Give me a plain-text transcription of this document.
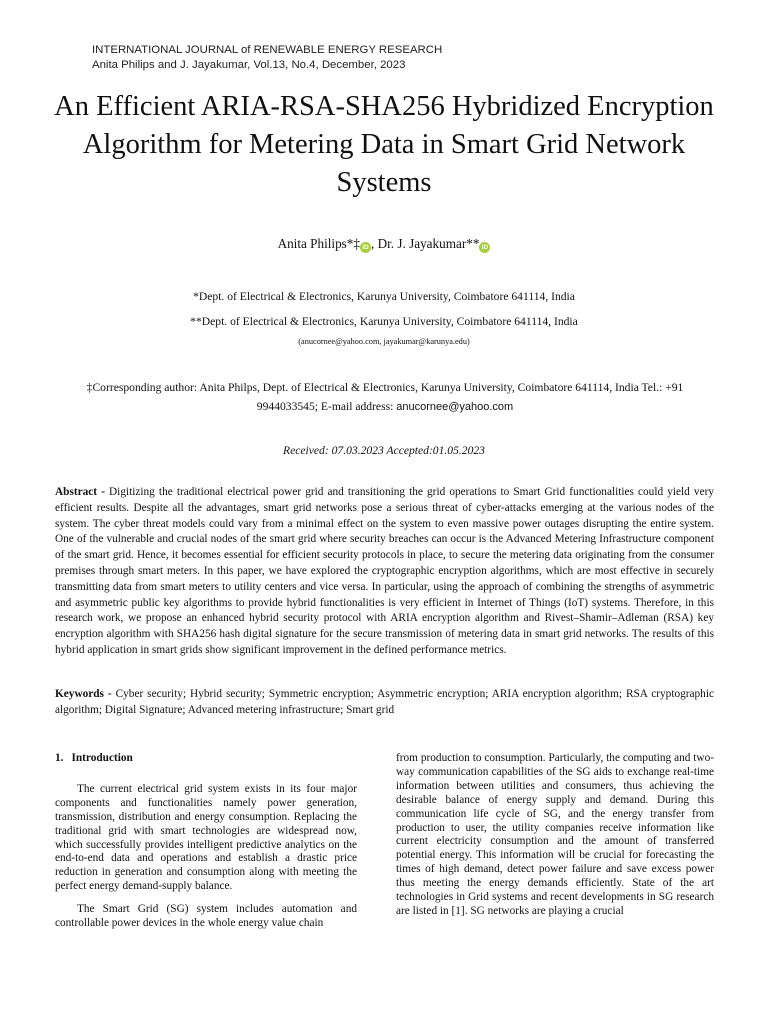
INTERNATIONAL JOURNAL of RENEWABLE ENERGY RESEARCH
Anita Philips and J. Jayakumar, Vol.13, No.4, December, 2023
An Efficient ARIA-RSA-SHA256 Hybridized Encryption Algorithm for Metering Data in Smart Grid Network Systems
Anita Philips*‡ iD , Dr. J. Jayakumar** iD
*Dept. of Electrical & Electronics, Karunya University, Coimbatore 641114, India
**Dept. of Electrical & Electronics, Karunya University, Coimbatore 641114, India
(anucornee@yahoo.com, jayakumar@karunya.edu)
‡Corresponding author: Anita Philps, Dept. of Electrical & Electronics, Karunya University, Coimbatore 641114, India Tel.: +91 9944033545; E-mail address: anucornee@yahoo.com
Received: 07.03.2023 Accepted:01.05.2023
Abstract - Digitizing the traditional electrical power grid and transitioning the grid operations to Smart Grid functionalities could yield very efficient results. Despite all the advantages, smart grid networks pose a serious threat of cyber-attacks emerging at the various nodes of the system. The cyber threat models could vary from a minimal effect on the system to even massive power outages disrupting the entire system. One of the vulnerable and crucial nodes of the smart grid where security breaches can occur is the Advanced Metering Infrastructure component of the smart grid. Hence, it becomes essential for efficient security protocols in place, to secure the metering data originating from the consumer premises through smart meters. In this paper, we have explored the cryptographic encryption algorithms, which are most effective in securely transmitting data from smart meters to utility centers and vice versa. In particular, using the approach of combining the strengths of asymmetric and asymmetric public key algorithms to provide hybrid functionalities is very efficient in Internet of Things (IoT) systems. Therefore, in this research work, we propose an enhanced hybrid security protocol with ARIA encryption algorithm and Rivest–Shamir–Adleman (RSA) key encryption algorithm with SHA256 hash digital signature for the secure transmission of metering data in smart grid networks. The results of this hybrid application in smart grids show significant improvement in the defined performance metrics.
Keywords - Cyber security; Hybrid security; Symmetric encryption; Asymmetric encryption; ARIA encryption algorithm; RSA cryptographic algorithm; Digital Signature; Advanced metering infrastructure; Smart grid
1. Introduction

The current electrical grid system exists in its four major components and functionalities namely power generation, transmission, distribution and energy consumption. Replacing the traditional grid with smart technologies are widespread now, which successfully provides intelligent predictive analytics on the end-to-end data and operations and establish a drastic price reduction in generation and consumption along with meeting the perfect energy demand-supply balance.

The Smart Grid (SG) system includes automation and controllable power devices in the whole energy value chain

from production to consumption. Particularly, the computing and two-way communication capabilities of the SG aids to exchange real-time information between utilities and consumers, thus achieving the desirable balance of energy supply and demand. During this communication life cycle of SG, and the energy transfer from production to user, the utility companies receive information like current electricity consumption and the amount of transferred potential energy. This information will be crucial for forecasting the times of high demand, detect power failure and save excess power thus meeting the energy demands efficiently. State of the art technologies in Grid systems and recent developments in SG research are listed in [1]. SG networks are playing a crucial
